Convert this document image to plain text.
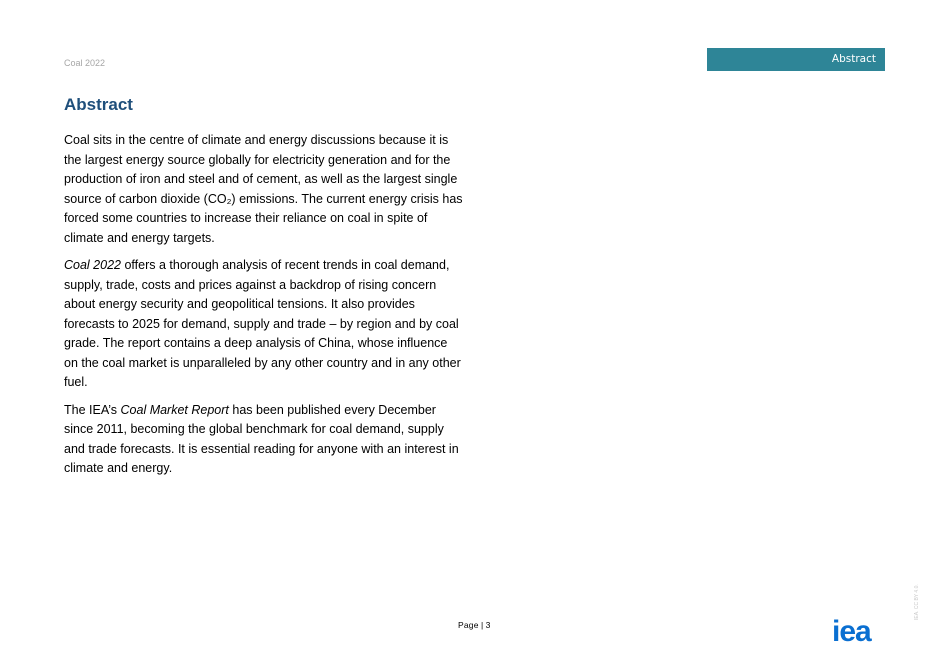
Coal 2022	Abstract
Abstract

Coal sits in the centre of climate and energy discussions because it is the largest energy source globally for electricity generation and for the production of iron and steel and of cement, as well as the largest single source of carbon dioxide (CO₂) emissions. The current energy crisis has forced some countries to increase their reliance on coal in spite of climate and energy targets.

Coal 2022 offers a thorough analysis of recent trends in coal demand, supply, trade, costs and prices against a backdrop of rising concern about energy security and geopolitical tensions. It also provides forecasts to 2025 for demand, supply and trade – by region and by coal grade. The report contains a deep analysis of China, whose influence on the coal market is unparalleled by any other country and in any other fuel.

The IEA’s Coal Market Report has been published every December since 2011, becoming the global benchmark for coal demand, supply and trade forecasts. It is essential reading for anyone with an interest in climate and energy.

Page | 3	iea
IEA. CC BY 4.0.
